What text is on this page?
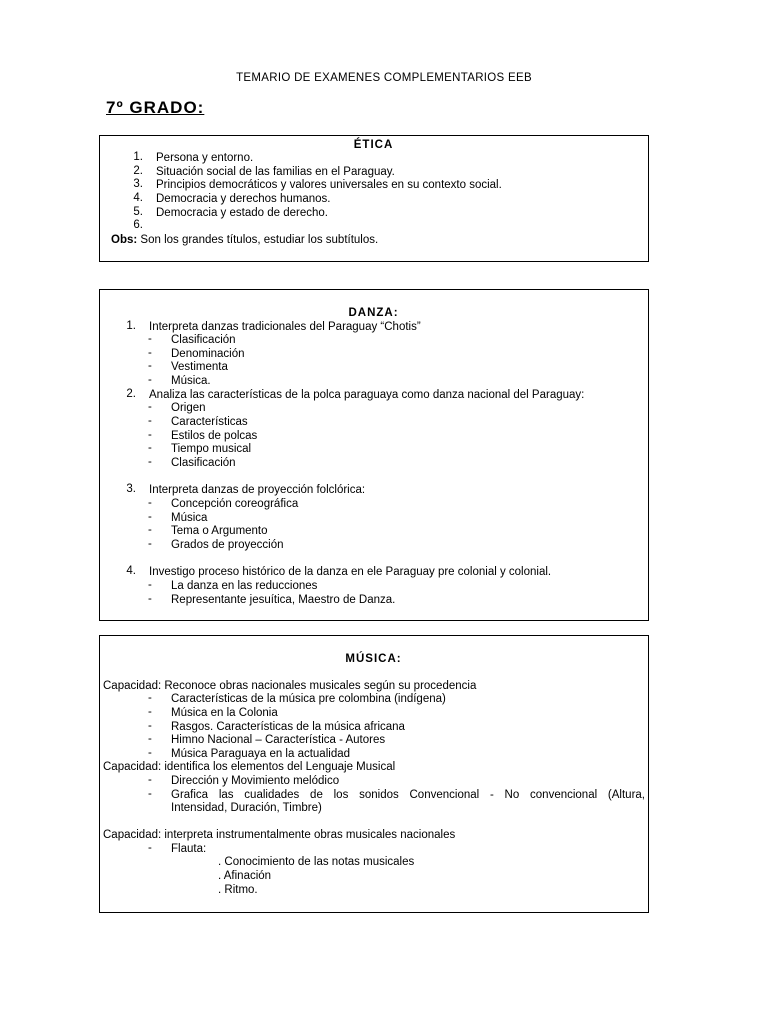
TEMARIO DE EXAMENES COMPLEMENTARIOS EEB
7º GRADO:
ÉTICA
1. Persona y entorno.
2. Situación social de las familias en el Paraguay.
3. Principios democráticos y valores universales en su contexto social.
4. Democracia y derechos humanos.
5. Democracia y estado de derecho.
6.
Obs: Son los grandes títulos, estudiar los subtítulos.
DANZA:
1. Interpreta danzas tradicionales del Paraguay “Chotis”
- Clasificación
- Denominación
- Vestimenta
- Música.
2. Analiza las características de la polca paraguaya como danza nacional del Paraguay:
- Origen
- Características
- Estilos de polcas
- Tiempo musical
- Clasificación
3. Interpreta danzas de proyección folclórica:
- Concepción coreográfica
- Música
- Tema o Argumento
- Grados de proyección
4. Investigo proceso histórico de la danza en ele Paraguay pre colonial y colonial.
- La danza en las reducciones
- Representante jesuítica, Maestro de Danza.
MÚSICA:
Capacidad: Reconoce obras nacionales musicales según su procedencia
- Características de la música pre colombina (indígena)
- Música en la Colonia
- Rasgos. Características de la música africana
- Himno Nacional – Característica - Autores
- Música Paraguaya en la actualidad
Capacidad: identifica los elementos del Lenguaje Musical
- Dirección y Movimiento melódico
- Grafica las cualidades de los sonidos Convencional - No convencional (Altura,
Intensidad, Duración, Timbre)
Capacidad: interpreta instrumentalmente obras musicales nacionales
- Flauta:
. Conocimiento de las notas musicales
. Afinación
. Ritmo.
